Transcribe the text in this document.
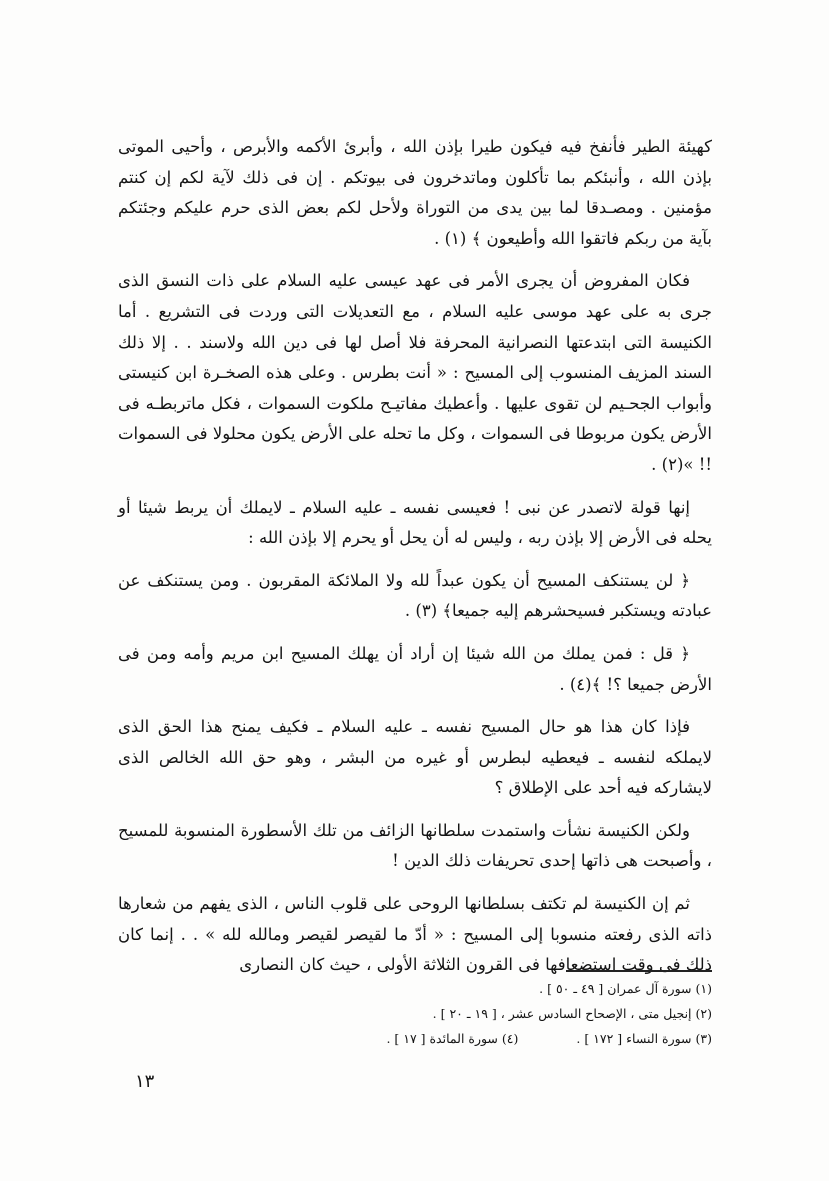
كهيئة الطير فأنفخ فيه فيكون طيرا بإذن الله ، وأبرئ الأكمه والأبرص ، وأحيى الموتى بإذن الله ، وأنبئكم بما تأكلون وماتدخرون فى بيوتكم . إن فى ذلك لآية لكم إن كنتم مؤمنين . ومصـدقا لما بين يدى من التوراة ولأحل لكم بعض الذى حرم عليكم وجئتكم بآية من ربكم فاتقوا الله وأطيعون ﴾ (١) .

فكان المفروض أن يجرى الأمر فى عهد عيسى عليه السلام على ذات النسق الذى جرى به على عهد موسى عليه السلام ، مع التعديلات التى وردت فى التشريع . أما الكنيسة التى ابتدعتها النصرانية المحرفة فلا أصل لها فى دين الله ولاسند . . إلا ذلك السند المزيف المنسوب إلى المسيح : « أنت بطرس . وعلى هذه الصخـرة ابن كنيستى وأبواب الجحـيم لن تقوى عليها . وأعطيك مفاتيـح ملكوت السموات ، فكل ماتربطـه فى الأرض يكون مربوطا فى السموات ، وكل ما تحله على الأرض يكون محلولا فى السموات !! »(٢) .

إنها قولة لاتصدر عن نبى ! فعيسى نفسه ـ عليه السلام ـ لايملك أن يربط شيئا أو يحله فى الأرض إلا بإذن ربه ، وليس له أن يحل أو يحرم إلا بإذن الله :

﴿ لن يستنكف المسيح أن يكون عبداً لله ولا الملائكة المقربون . ومن يستنكف عن عبادته ويستكبر فسيحشرهم إليه جميعا﴾ (٣) .

﴿ قل : فمن يملك من الله شيئا إن أراد أن يهلك المسيح ابن مريم وأمه ومن فى الأرض جميعا ؟! ﴾(٤) .

فإذا كان هذا هو حال المسيح نفسه ـ عليه السلام ـ فكيف يمنح هذا الحق الذى لايملكه لنفسه ـ فيعطيه لبطرس أو غيره من البشر ، وهو حق الله الخالص الذى لايشاركه فيه أحد على الإطلاق ؟

ولكن الكنيسة نشأت واستمدت سلطانها الزائف من تلك الأسطورة المنسوبة للمسيح ، وأصبحت هى ذاتها إحدى تحريفات ذلك الدين !

ثم إن الكنيسة لم تكتف بسلطانها الروحى على قلوب الناس ، الذى يفهم من شعارها ذاته الذى رفعته منسوبا إلى المسيح : « أدّ ما لقيصر لقيصر ومالله لله » . . إنما كان ذلك فى وقت استضعافها فى القرون الثلاثة الأولى ، حيث كان النصارى

(١) سورة آل عمران [ ٤٩ ـ ٥٠ ] .
(٢) إنجيل متى ، الإصحاح السادس عشر ، [ ١٩ ـ ٢٠ ] .
(٣) سورة النساء [ ١٧٢ ] .
(٤) سورة المائدة [ ١٧ ] .
١٣
